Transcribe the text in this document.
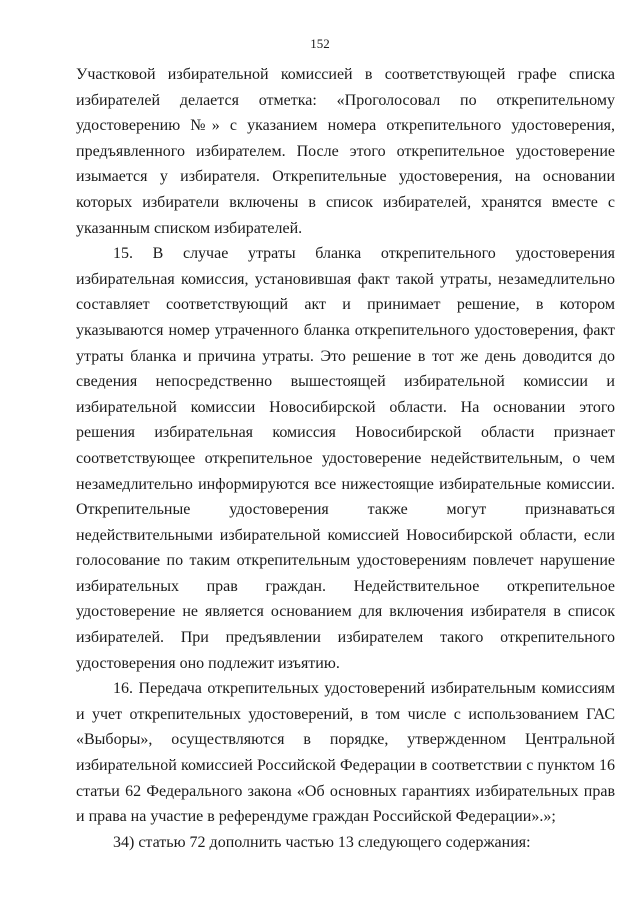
152

Участковой избирательной комиссией в соответствующей графе списка избирателей делается отметка: «Проголосовал по открепительному удостоверению №» с указанием номера открепительного удостоверения, предъявленного избирателем. После этого открепительное удостоверение изымается у избирателя. Открепительные удостоверения, на основании которых избиратели включены в список избирателей, хранятся вместе с указанным списком избирателей.

15. В случае утраты бланка открепительного удостоверения избирательная комиссия, установившая факт такой утраты, незамедлительно составляет соответствующий акт и принимает решение, в котором указываются номер утраченного бланка открепительного удостоверения, факт утраты бланка и причина утраты. Это решение в тот же день доводится до сведения непосредственно вышестоящей избирательной комиссии и избирательной комиссии Новосибирской области. На основании этого решения избирательная комиссия Новосибирской области признает соответствующее открепительное удостоверение недействительным, о чем незамедлительно информируются все нижестоящие избирательные комиссии. Открепительные удостоверения также могут признаваться недействительными избирательной комиссией Новосибирской области, если голосование по таким открепительным удостоверениям повлечет нарушение избирательных прав граждан. Недействительное открепительное удостоверение не является основанием для включения избирателя в список избирателей. При предъявлении избирателем такого открепительного удостоверения оно подлежит изъятию.

16. Передача открепительных удостоверений избирательным комиссиям и учет открепительных удостоверений, в том числе с использованием ГАС «Выборы», осуществляются в порядке, утвержденном Центральной избирательной комиссией Российской Федерации в соответствии с пунктом 16 статьи 62 Федерального закона «Об основных гарантиях избирательных прав и права на участие в референдуме граждан Российской Федерации».»;

34) статью 72 дополнить частью 13 следующего содержания:
